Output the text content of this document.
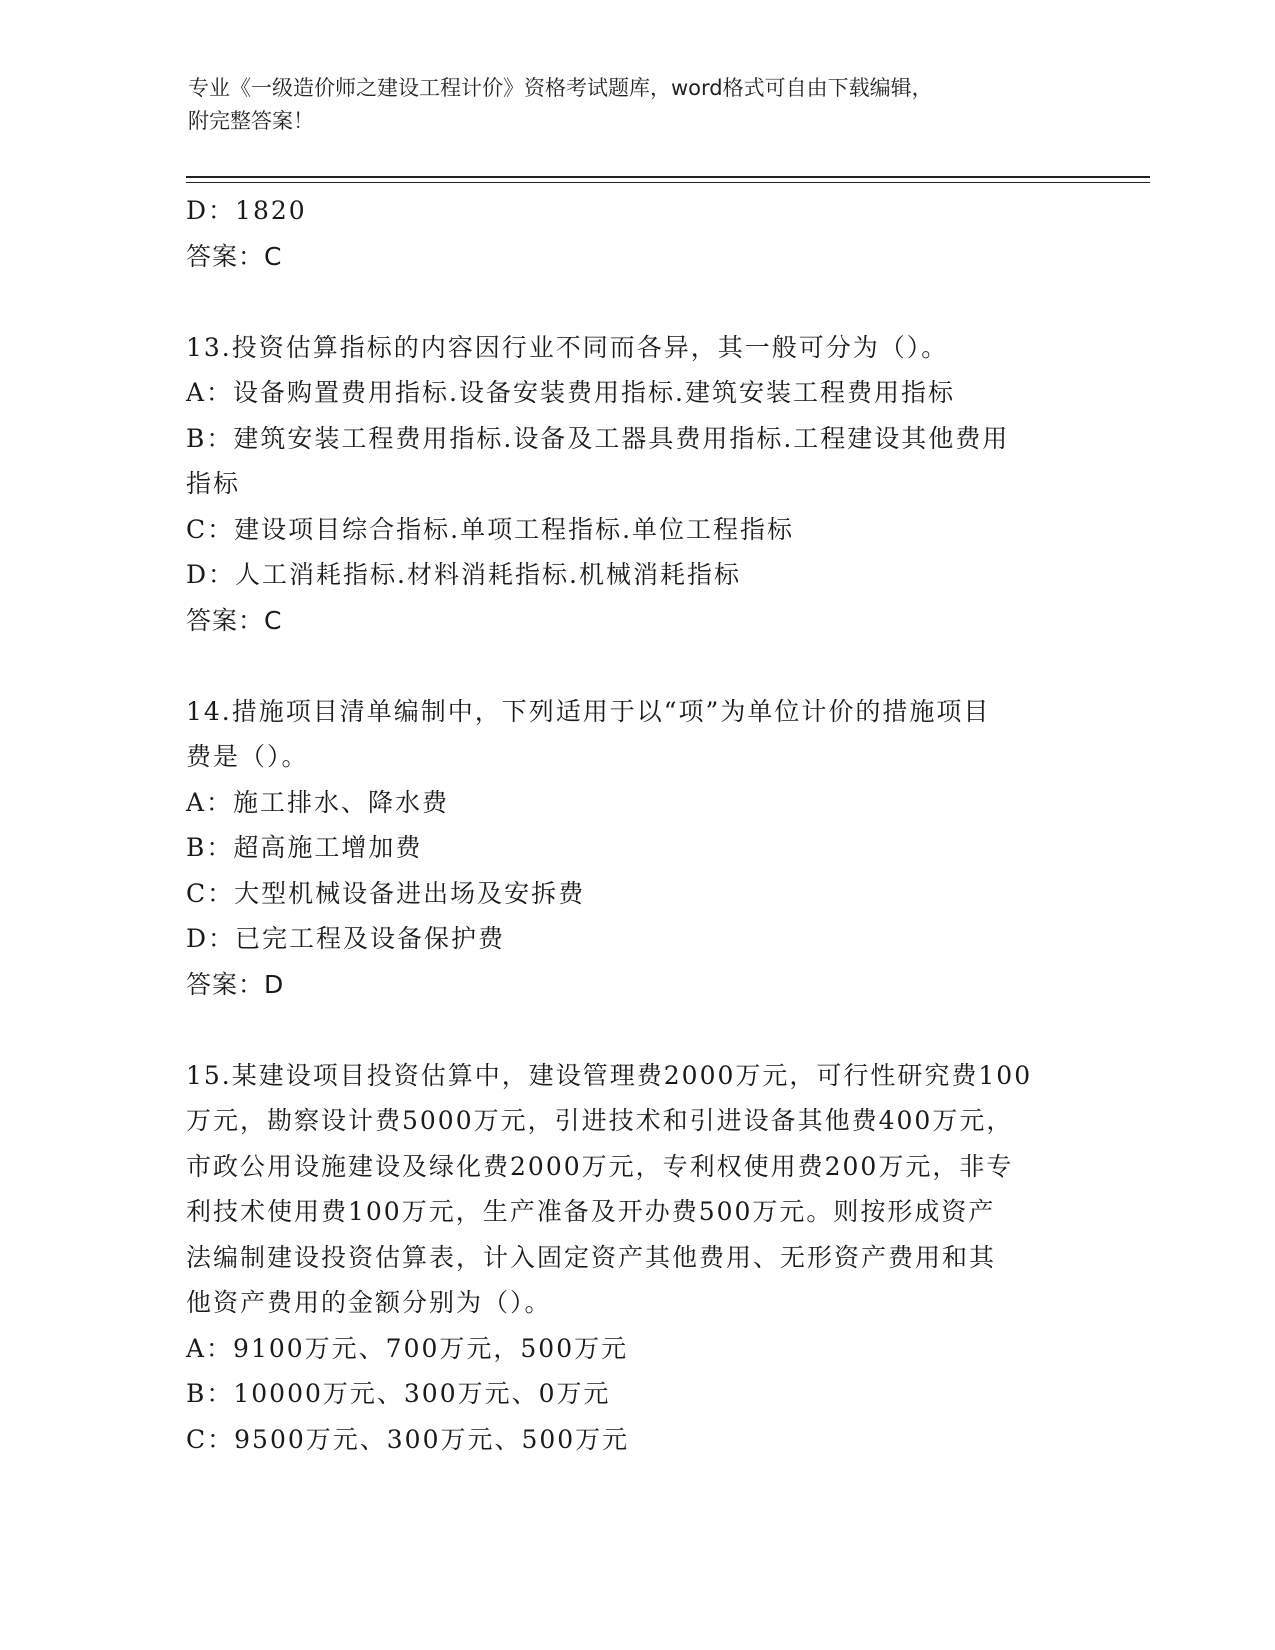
专业《一级造价师之建设工程计价》资格考试题库，word格式可自由下载编辑，
附完整答案！
D：1820
答案：C
13.投资估算指标的内容因行业不同而各异，其一般可分为（）。
A：设备购置费用指标.设备安装费用指标.建筑安装工程费用指标
B：建筑安装工程费用指标.设备及工器具费用指标.工程建设其他费用
指标
C：建设项目综合指标.单项工程指标.单位工程指标
D：人工消耗指标.材料消耗指标.机械消耗指标
答案：C
14.措施项目清单编制中，下列适用于以“项”为单位计价的措施项目
费是（）。
A：施工排水、降水费
B：超高施工增加费
C：大型机械设备进出场及安拆费
D：已完工程及设备保护费
答案：D
15.某建设项目投资估算中，建设管理费2000万元，可行性研究费100
万元，勘察设计费5000万元，引进技术和引进设备其他费400万元，
市政公用设施建设及绿化费2000万元，专利权使用费200万元，非专
利技术使用费100万元，生产准备及开办费500万元。则按形成资产
法编制建设投资估算表，计入固定资产其他费用、无形资产费用和其
他资产费用的金额分别为（）。
A：9100万元、700万元，500万元
B：10000万元、300万元、0万元
C：9500万元、300万元、500万元
